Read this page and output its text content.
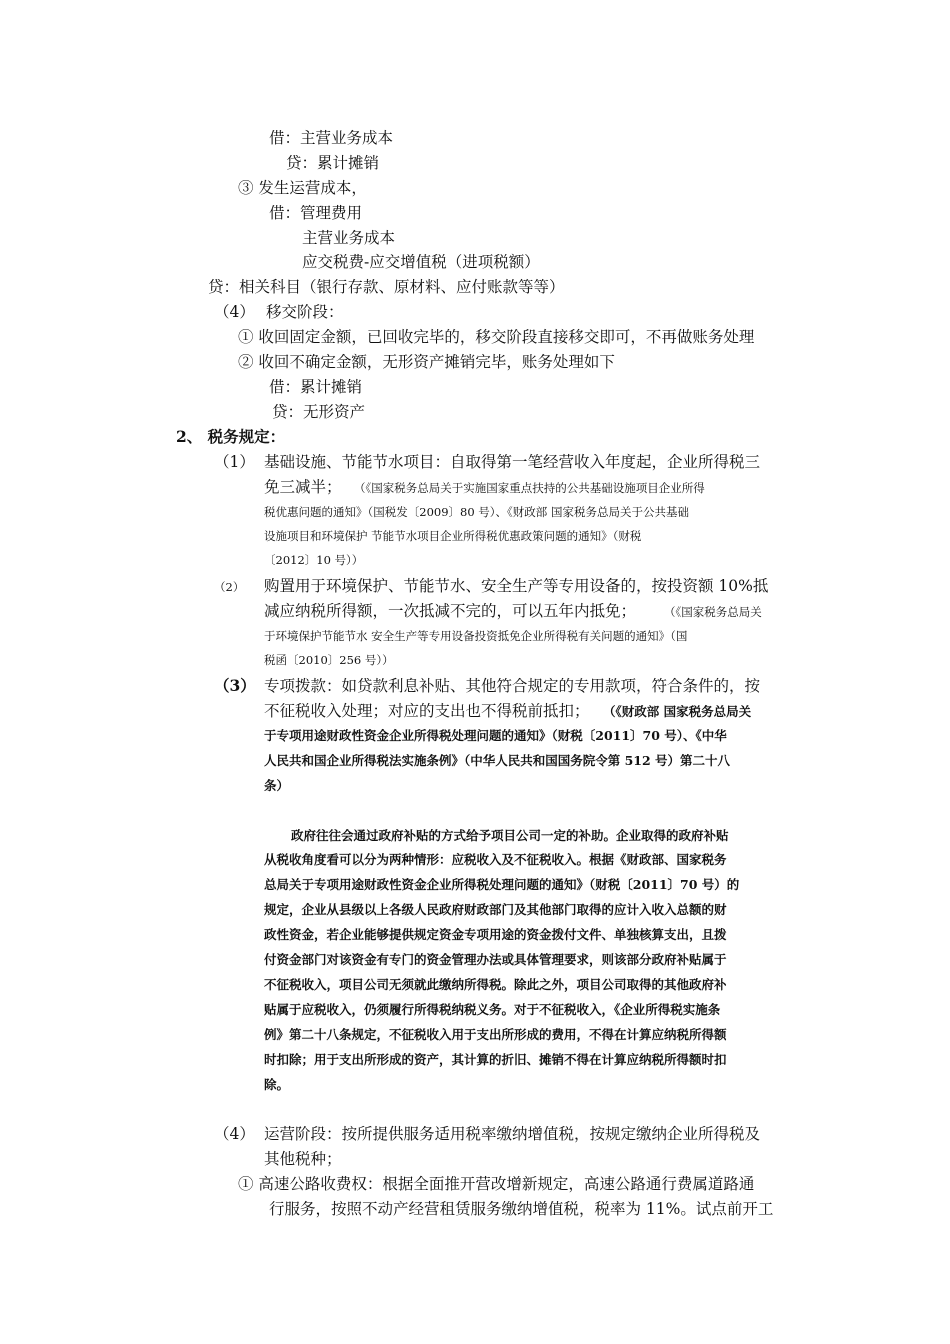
借：主营业务成本
贷：累计摊销
③ 发生运营成本，
借：管理费用
主营业务成本
应交税费-应交增值税（进项税额）
贷：相关科目（银行存款、原材料、应付账款等等）
（4） 移交阶段：
① 收回固定金额，已回收完毕的，移交阶段直接移交即可，不再做账务处理
② 收回不确定金额，无形资产摊销完毕，账务处理如下
借：累计摊销
贷：无形资产
2、 税务规定：
（1） 基础设施、节能节水项目：自取得第一笔经营收入年度起，企业所得税三
免三减半； （《国家税务总局关于实施国家重点扶持的公共基础设施项目企业所得
税优惠问题的通知》（国税发〔2009〕80 号）、《财政部 国家税务总局关于公共基础
设施项目和环境保护 节能节水项目企业所得税优惠政策问题的通知》（财税
〔2012〕10 号））
（2） 购置用于环境保护、节能节水、安全生产等专用设备的，按投资额 10%抵
减应纳税所得额，一次抵减不完的，可以五年内抵免； （《国家税务总局关
于环境保护节能节水 安全生产等专用设备投资抵免企业所得税有关问题的通知》（国
税函〔2010〕256 号））
（3） 专项拨款：如贷款利息补贴、其他符合规定的专用款项，符合条件的，按
不征税收入处理；对应的支出也不得税前抵扣； （《财政部 国家税务总局关
于专项用途财政性资金企业所得税处理问题的通知》（财税〔2011〕70 号）、《中华
人民共和国企业所得税法实施条例》（中华人民共和国国务院令第 512 号）第二十八
条）
政府往往会通过政府补贴的方式给予项目公司一定的补助。企业取得的政府补贴
从税收角度看可以分为两种情形：应税收入及不征税收入。根据《财政部、国家税务
总局关于专项用途财政性资金企业所得税处理问题的通知》（财税〔2011〕70 号）的
规定，企业从县级以上各级人民政府财政部门及其他部门取得的应计入收入总额的财
政性资金，若企业能够提供规定资金专项用途的资金拨付文件、单独核算支出，且拨
付资金部门对该资金有专门的资金管理办法或具体管理要求，则该部分政府补贴属于
不征税收入，项目公司无须就此缴纳所得税。除此之外，项目公司取得的其他政府补
贴属于应税收入，仍须履行所得税纳税义务。对于不征税收入，《企业所得税实施条
例》第二十八条规定，不征税收入用于支出所形成的费用，不得在计算应纳税所得额
时扣除；用于支出所形成的资产，其计算的折旧、摊销不得在计算应纳税所得额时扣
除。
（4） 运营阶段：按所提供服务适用税率缴纳增值税，按规定缴纳企业所得税及
其他税种；
① 高速公路收费权：根据全面推开营改增新规定，高速公路通行费属道路通
行服务，按照不动产经营租赁服务缴纳增值税，税率为 11%。试点前开工
